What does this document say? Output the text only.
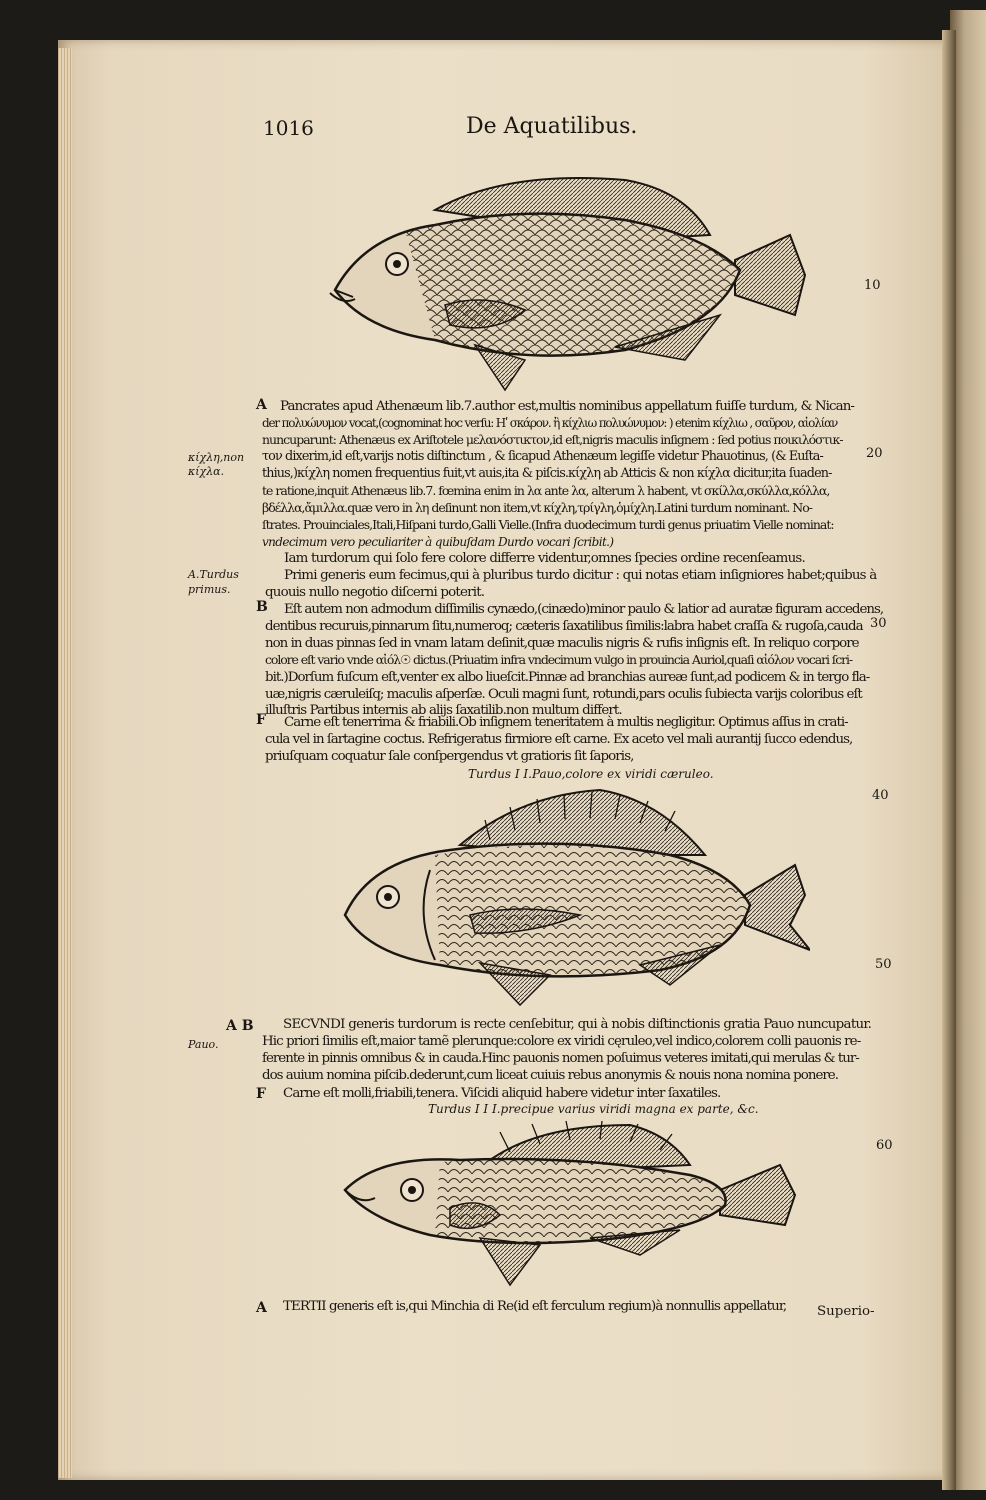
1016	De Aquatilibus.
10
20
30
40
50
60
A
B
F
κίχλη,non
κίχλα.
A.Turdus
primus.
Pancrates apud Athenæum lib.7.author est,multis nominibus appellatum fuiſſe turdum, & Nican-
der πολυώνυμον vocat,(cognominat hoc verſu: Ηʹ σκάρον. ἢ κίχλιω πολυώνυμον: ) etenim κίχλιω , σαῦρον, αἰολίαν
nuncuparunt: Athenæus ex Ariſtotele μελανόστικτον,id eſt,nigris maculis inſignem : ſed potius ποικιλόστικ-
τον dixerim,id eſt,varijs notis diſtinctum , & ſicapud Athenæum legiſſe videtur Phauotinus, (& Euſta-
thius,)κίχλη nomen frequentius fuit,vt auis,ita & piſcis.κίχλη ab Atticis & non κίχλα dicitur,ita ſuaden-
te ratione,inquit Athenæus lib.7. fœmina enim in λα ante λα, alterum λ habent, vt σκίλλα,σκύλλα,κόλλα,
βδέλλα,ἄμιλλα.quæ vero in λη deſinunt non item,vt κίχλη,τρίγλη,ὁμίχλη.Latini turdum nominant. No-
ſtrates. Prouinciales,Itali,Hiſpani turdo,Galli Vielle.(Infra duodecimum turdi genus priuatim Vielle nominat:
vndecimum vero peculiariter à quibuſdam Durdo vocari ſcribit.)
Iam turdorum qui ſolo fere colore differre videntur,omnes ſpecies ordine recenſeamus.
Primi generis eum fecimus,qui à pluribus turdo dicitur : qui notas etiam inſigniores habet;quibus à
quouis nullo negotio diſcerni poterit.
Eſt autem non admodum diſſimilis cynædo,(cinædo)minor paulo & latior ad auratæ figuram accedens,
dentibus recuruis,pinnarum ſitu,numeroq; cæteris ſaxatilibus ſimilis:labra habet craſſa & rugoſa,cauda
non in duas pinnas ſed in vnam latam deſinit,quæ maculis nigris & rufis inſignis eſt. In reliquo corpore
colore eſt vario vnde αἰόλ☉ dictus.(Priuatim infra vndecimum vulgo in prouincia Auriol,quaſi αἰόλον vocari ſcri-
bit.)Dorſum fuſcum eſt,venter ex albo liueſcit.Pinnæ ad branchias aureæ ſunt,ad podicem & in tergo fla-
uæ,nigris cæruleiſq; maculis aſperſæ. Oculi magni ſunt, rotundi,pars oculis ſubiecta varijs coloribus eſt
illuſtris Partibus internis ab alijs ſaxatilib.non multum differt.
Carne eſt tenerrima & friabili.Ob inſignem teneritatem à multis negligitur. Optimus aſſus in crati-
cula vel in ſartagine coctus. Refrigeratus firmiore eſt carne. Ex aceto vel mali aurantij ſucco edendus,
priuſquam coquatur ſale conſpergendus vt gratioris ſit ſaporis,
Turdus I I.Pauo,colore ex viridi cæruleo.
A B
F
Pauo.
SECVNDI generis turdorum is recte cenſebitur, qui à nobis diſtinctionis gratia Pauo nuncupatur.
Hic priori ſimilis eſt,maior tamẽ plerunque:colore ex viridi cęruleo,vel indico,colorem colli pauonis re-
ferente in pinnis omnibus & in cauda.Hinc pauonis nomen poſuimus veteres imitati,qui merulas & tur-
dos auium nomina piſcib.dederunt,cum liceat cuiuis rebus anonymis & nouis nona nomina ponere.
Carne eſt molli,friabili,tenera. Viſcidi aliquid habere videtur inter ſaxatiles.
Turdus I I I.precipue varius viridi magna ex parte, &c.
A TERTII generis eſt is,qui Minchia di Re(id eſt ferculum regium)à nonnullis appellatur, Superio-
